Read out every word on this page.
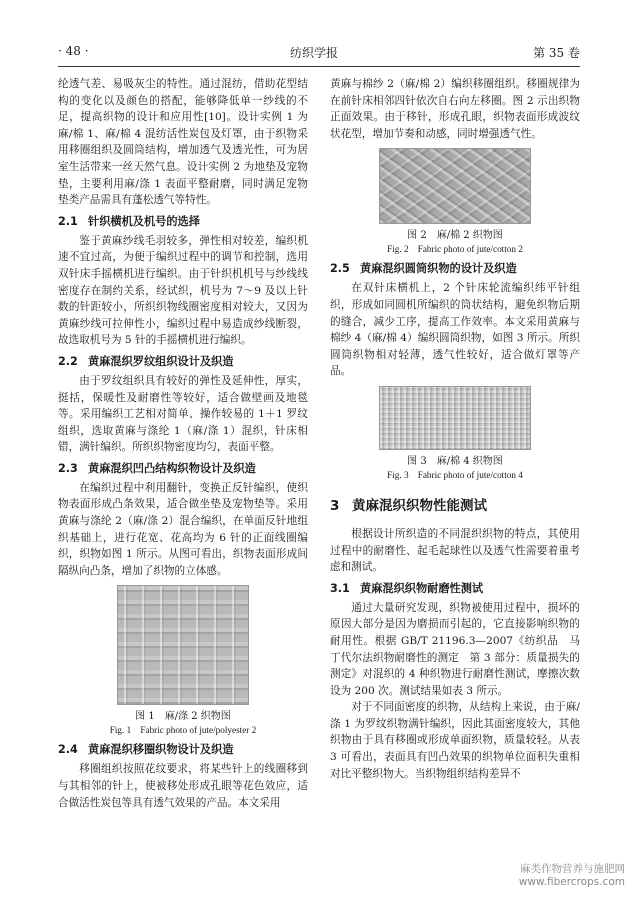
· 48 ·	纺织学报	第 35 卷

纶透气差、易吸灰尘的特性。通过混纺，借助花型结构的变化以及颜色的搭配，能够降低单一纱线的不足，提高织物的设计和应用性[10]。设计实例 1 为麻/棉 1、麻/棉 4 混纺活性炭包及灯罩，由于织物采用移圈组织及圆筒结构，增加透气及透光性，可为居室生活带来一丝天然气息。设计实例 2 为地垫及宠物垫，主要利用麻/涤 1 表面平整耐磨，同时满足宠物垫类产品需具有蓬松透气等特性。

2.1 针织横机及机号的选择

鉴于黄麻纱线毛羽较多，弹性相对较差，编织机速不宜过高，为便于编织过程中的调节和控制，选用双针床手摇横机进行编织。由于针织机机号与纱线线密度存在制约关系，经试织，机号为 7～9 及以上针数的针距较小，所织织物线圈密度相对较大，又因为黄麻纱线可拉伸性小，编织过程中易造成纱线断裂，故选取机号为 5 针的手摇横机进行编织。

2.2 黄麻混织罗纹组织设计及织造

由于罗纹组织具有较好的弹性及延伸性，厚实，挺括，保暖性及耐磨性等较好，适合做壁画及地毯等。采用编织工艺相对简单、操作较易的 1＋1 罗纹组织，选取黄麻与涤纶 1（麻/涤 1）混织，针床相错，满针编织。所织织物密度均匀，表面平整。

2.3 黄麻混织凹凸结构织物设计及织造

在编织过程中利用翻针，变换正反针编织，使织物表面形成凸条效果，适合做坐垫及宠物垫等。采用黄麻与涤纶 2（麻/涤 2）混合编织，在单面反针地组织基础上，进行花宽、花高均为 6 针的正面线圈编织，织物如图 1 所示。从图可看出，织物表面形成间隔纵向凸条，增加了织物的立体感。

图 1　麻/涤 2 织物图
Fig. 1　Fabric photo of jute/polyester 2
2.4 黄麻混织移圈织物设计及织造

移圈组织按照花纹要求，将某些针上的线圈移到与其相邻的针上，使被移处形成孔眼等花色效应，适合做活性炭包等具有透气效果的产品。本文采用

黄麻与棉纱 2（麻/棉 2）编织移圈组织。移圈规律为在前针床相邻四针依次自右向左移圈。图 2 示出织物正面效果。由于移针，形成孔眼，织物表面形成波纹状花型，增加节奏和动感，同时增强透气性。

图 2　麻/棉 2 织物图
Fig. 2　Fabric photo of jute/cotton 2
2.5 黄麻混织圆筒织物的设计及织造

在双针床横机上，2 个针床轮流编织纬平针组织，形成如同圆机所编织的筒状结构，避免织物后期的缝合，减少工序，提高工作效率。本文采用黄麻与棉纱 4（麻/棉 4）编织圆筒织物，如图 3 所示。所织圆筒织物相对轻薄，透气性较好，适合做灯罩等产品。

图 3　麻/棉 4 织物图
Fig. 3　Fabric photo of jute/cotton 4
3 黄麻混织织物性能测试

根据设计所织造的不同混织织物的特点，其使用过程中的耐磨性、起毛起球性以及透气性需要着重考虑和测试。

3.1 黄麻混织织物耐磨性测试

通过大量研究发现，织物被使用过程中，损坏的原因大部分是因为磨损而引起的，它直接影响织物的耐用性。根据 GB/T 21196.3—2007《纺织品　马丁代尔法织物耐磨性的测定　第 3 部分：质量损失的测定》对混织的 4 种织物进行耐磨性测试，摩擦次数设为 200 次。测试结果如表 3 所示。

对于不同面密度的织物，从结构上来说，由于麻/涤 1 为罗纹织物满针编织，因此其面密度较大，其他织物由于具有移圈或形成单面织物，质量较轻。从表 3 可看出，表面具有凹凸效果的织物单位面积失重相对比平整织物大。当织物组织结构差异不

麻类作物营养与施肥网
www.fibercrops.com
